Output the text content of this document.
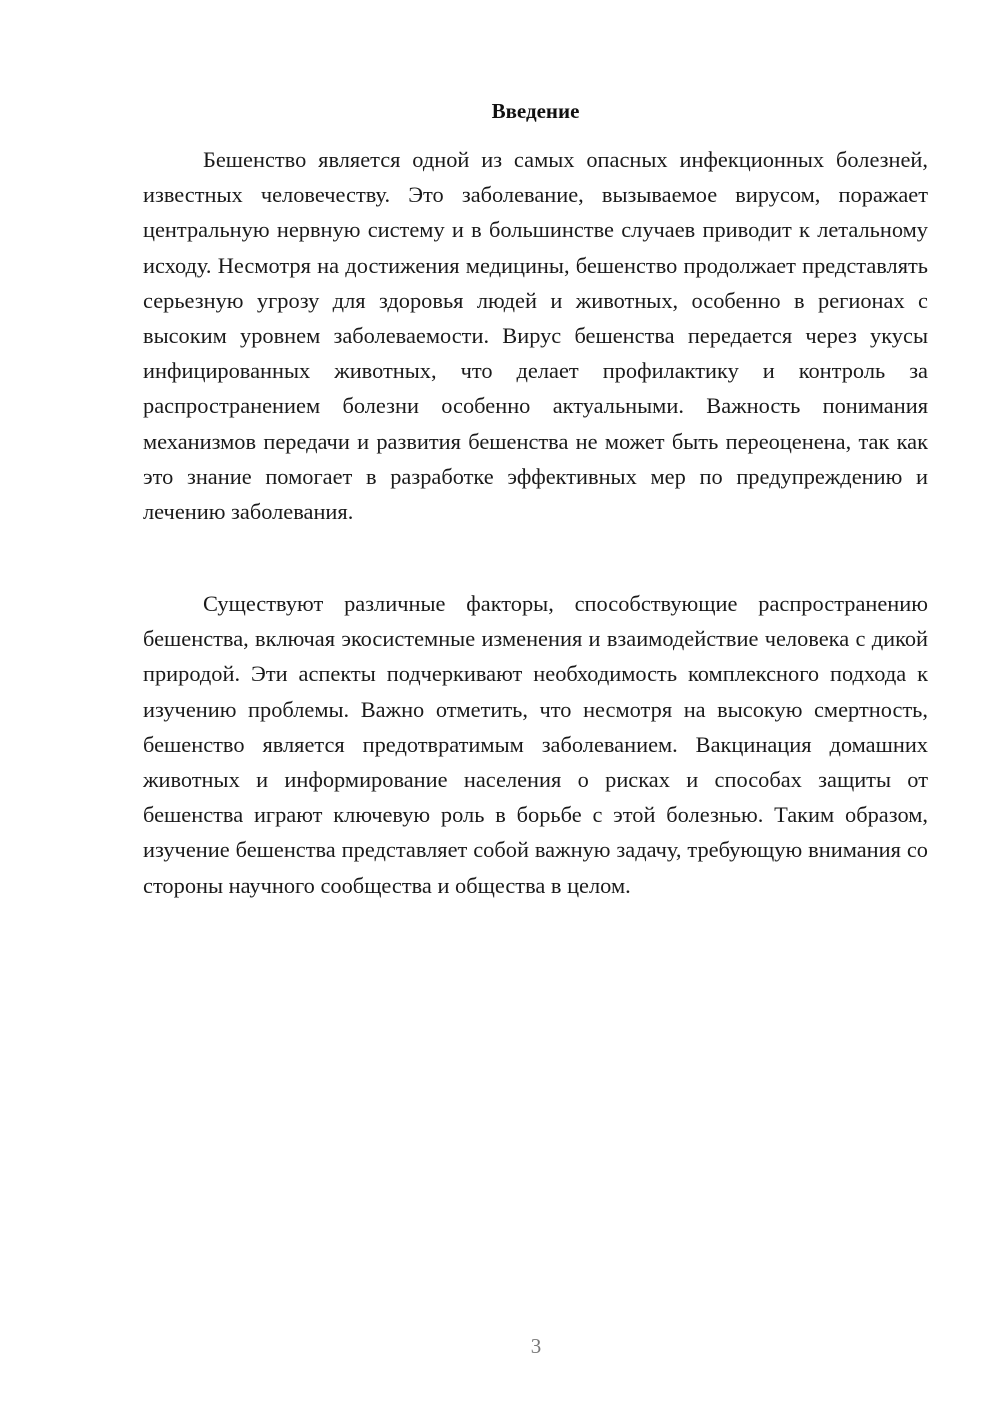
Введение

Бешенство является одной из самых опасных инфекционных болезней, известных человечеству. Это заболевание, вызываемое вирусом, поражает центральную нервную систему и в большинстве случаев приводит к летальному исходу. Несмотря на достижения медицины, бешенство продолжает представлять серьезную угрозу для здоровья людей и животных, особенно в регионах с высоким уровнем заболеваемости. Вирус бешенства передается через укусы инфицированных животных, что делает профилактику и контроль за распространением болезни особенно актуальными. Важность понимания механизмов передачи и развития бешенства не может быть переоценена, так как это знание помогает в разработке эффективных мер по предупреждению и лечению заболевания.

Существуют различные факторы, способствующие распространению бешенства, включая экосистемные изменения и взаимодействие человека с дикой природой. Эти аспекты подчеркивают необходимость комплексного подхода к изучению проблемы. Важно отметить, что несмотря на высокую смертность, бешенство является предотвратимым заболеванием. Вакцинация домашних животных и информирование населения о рисках и способах защиты от бешенства играют ключевую роль в борьбе с этой болезнью. Таким образом, изучение бешенства представляет собой важную задачу, требующую внимания со стороны научного сообщества и общества в целом.

3
